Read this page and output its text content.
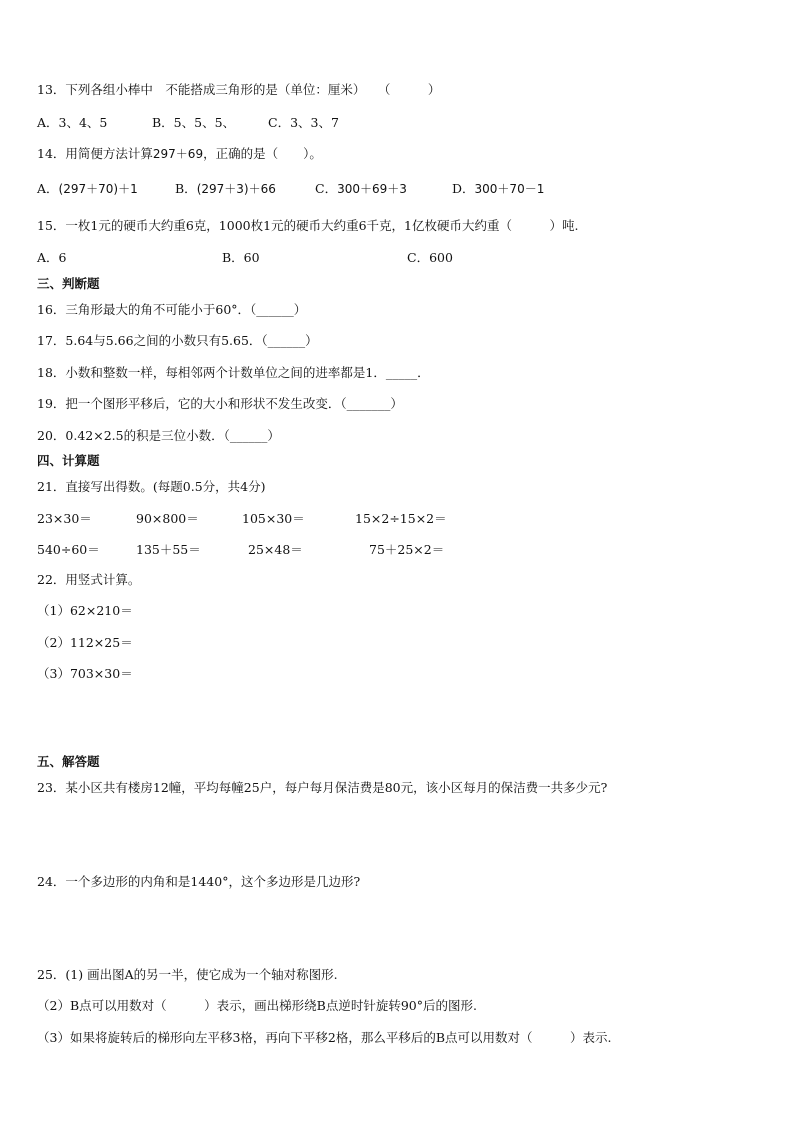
13．下列各组小棒中　不能搭成三角形的是（单位：厘米）　　（　　　）
A．3、4、5	B．5、5、5、	C．3、3、7
14．用简便方法计算297＋69，正确的是（　　）。
A．(297＋70)＋1	B．(297＋3)＋66	C．300＋69＋3	D．300＋70－1
15．一枚1元的硬币大约重6克，1000枚1元的硬币大约重6千克，1亿枚硬币大约重（　　　）吨.
A．6	B．60	C．600
三、判断题
16．三角形最大的角不可能小于60°．（______）
17．5.64与5.66之间的小数只有5.65．（______）
18．小数和整数一样，每相邻两个计数单位之间的进率都是1．_____．
19．把一个图形平移后，它的大小和形状不发生改变．（_______）
20．0.42×2.5的积是三位小数．（______）
四、计算题
21．直接写出得数。(每题0.5分，共4分)
23×30＝	90×800＝	105×30＝	15×2÷15×2＝
540÷60＝	135＋55＝	25×48＝	75＋25×2＝
22．用竖式计算。
（1）62×210＝
（2）112×25＝
（3）703×30＝
五、解答题
23．某小区共有楼房12幢，平均每幢25户，每户每月保洁费是80元，该小区每月的保洁费一共多少元?
24．一个多边形的内角和是1440°，这个多边形是几边形?
25．(1) 画出图A的另一半，使它成为一个轴对称图形.
（2）B点可以用数对（　　　）表示，画出梯形绕B点逆时针旋转90°后的图形.
（3）如果将旋转后的梯形向左平移3格，再向下平移2格，那么平移后的B点可以用数对（　　　）表示.
